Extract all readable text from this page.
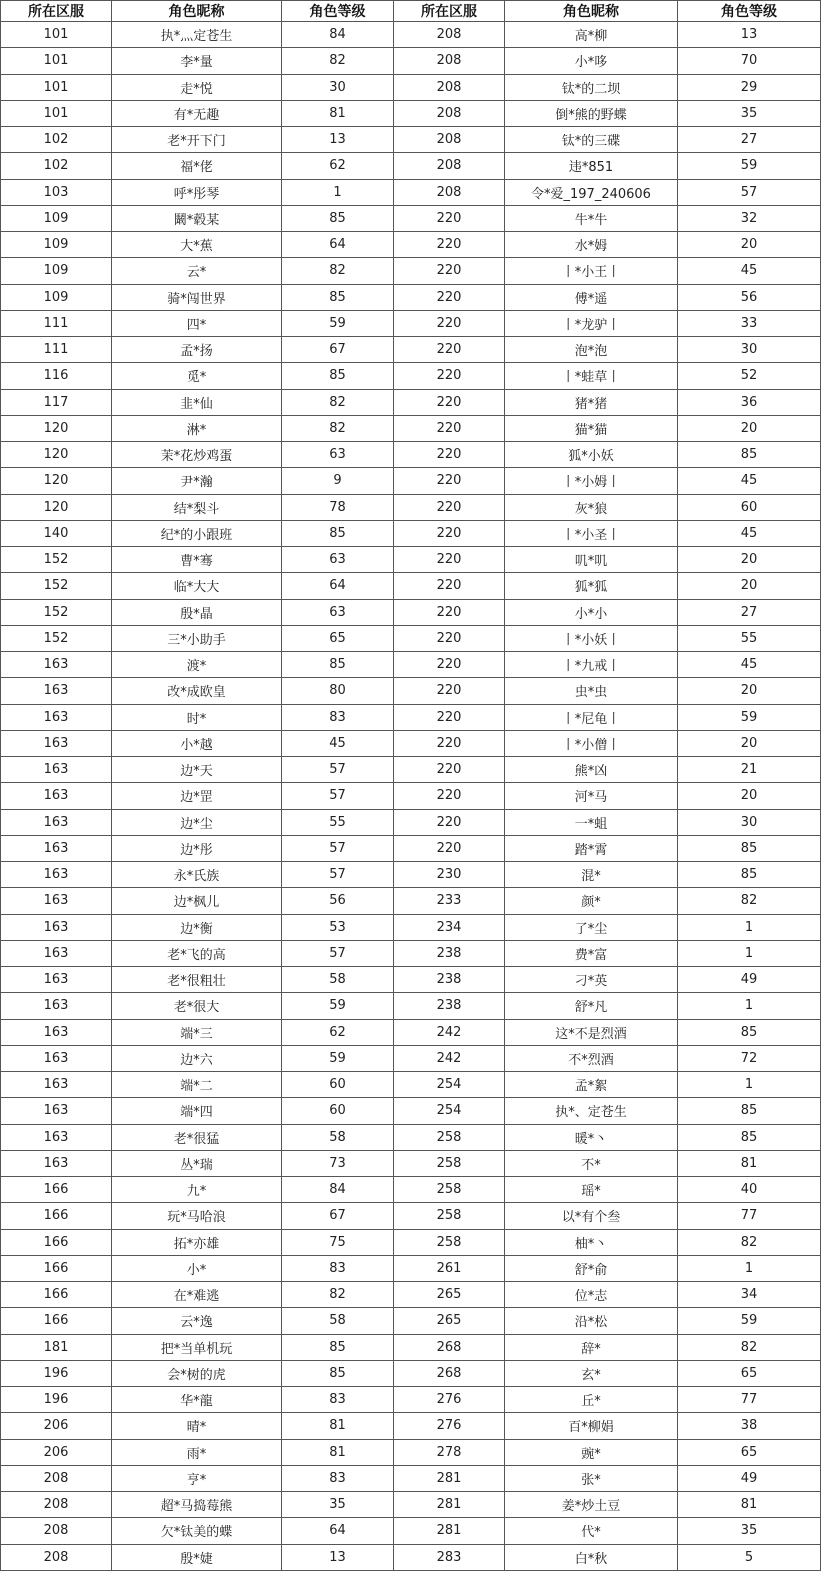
所在区服	角色昵称	角色等级	所在区服	角色昵称	角色等级
101	执*灬定苍生	84	208	高*柳	13
101	李*量	82	208	小*哆	70
101	走*悦	30	208	钛*的二坝	29
101	有*无趣	81	208	倒*熊的野蝶	35
102	老*开下门	13	208	钛*的三碟	27
102	福*佬	62	208	违*851	59
103	呼*彤琴	1	208	令*爱_197_240606	57
109	鬫*毂某	85	220	牛*牛	32
109	大*蕉	64	220	水*姆	20
109	云*	82	220	丨*小王丨	45
109	骑*闯世界	85	220	傅*遥	56
111	四*	59	220	丨*龙驴丨	33
111	孟*扬	67	220	泡*泡	30
116	觅*	85	220	丨*蛙草丨	52
117	韭*仙	82	220	猪*猪	36
120	淋*	82	220	猫*猫	20
120	茉*花炒鸡蛋	63	220	狐*小妖	85
120	尹*瀚	9	220	丨*小姆丨	45
120	结*梨斗	78	220	灰*狼	60
140	纪*的小跟班	85	220	丨*小圣丨	45
152	曹*骞	63	220	叽*叽	20
152	临*大大	64	220	狐*狐	20
152	殷*晶	63	220	小*小	27
152	三*小助手	65	220	丨*小妖丨	55
163	渡*	85	220	丨*九戒丨	45
163	改*成欧皇	80	220	虫*虫	20
163	时*	83	220	丨*尼龟丨	59
163	小*越	45	220	丨*小僧丨	20
163	边*天	57	220	熊*凶	21
163	边*罡	57	220	河*马	20
163	边*尘	55	220	一*蛆	30
163	边*彤	57	220	踏*霄	85
163	永*氏族	57	230	混*	85
163	边*枫儿	56	233	颜*	82
163	边*衡	53	234	了*尘	1
163	老*飞的高	57	238	费*富	1
163	老*很粗壮	58	238	刁*英	49
163	老*很大	59	238	舒*凡	1
163	端*三	62	242	这*不是烈酒	85
163	边*六	59	242	不*烈酒	72
163	端*二	60	254	孟*絮	1
163	端*四	60	254	执*、定苍生	85
163	老*很猛	58	258	暖*丶	85
163	丛*瑞	73	258	不*	81
166	九*	84	258	瑶*	40
166	玩*马哈浪	67	258	以*有个叁	77
166	拓*亦雄	75	258	柚*丶	82
166	小*	83	261	舒*俞	1
166	在*难逃	82	265	位*志	34
166	云*逸	58	265	沿*松	59
181	把*当单机玩	85	268	辞*	82
196	会*树的虎	85	268	玄*	65
196	华*龍	83	276	丘*	77
206	晴*	81	276	百*柳娟	38
206	雨*	81	278	豌*	65
208	亨*	83	281	张*	49
208	超*马捣莓熊	35	281	姜*炒土豆	81
208	欠*钛美的蝶	64	281	代*	35
208	殷*婕	13	283	白*秋	5
